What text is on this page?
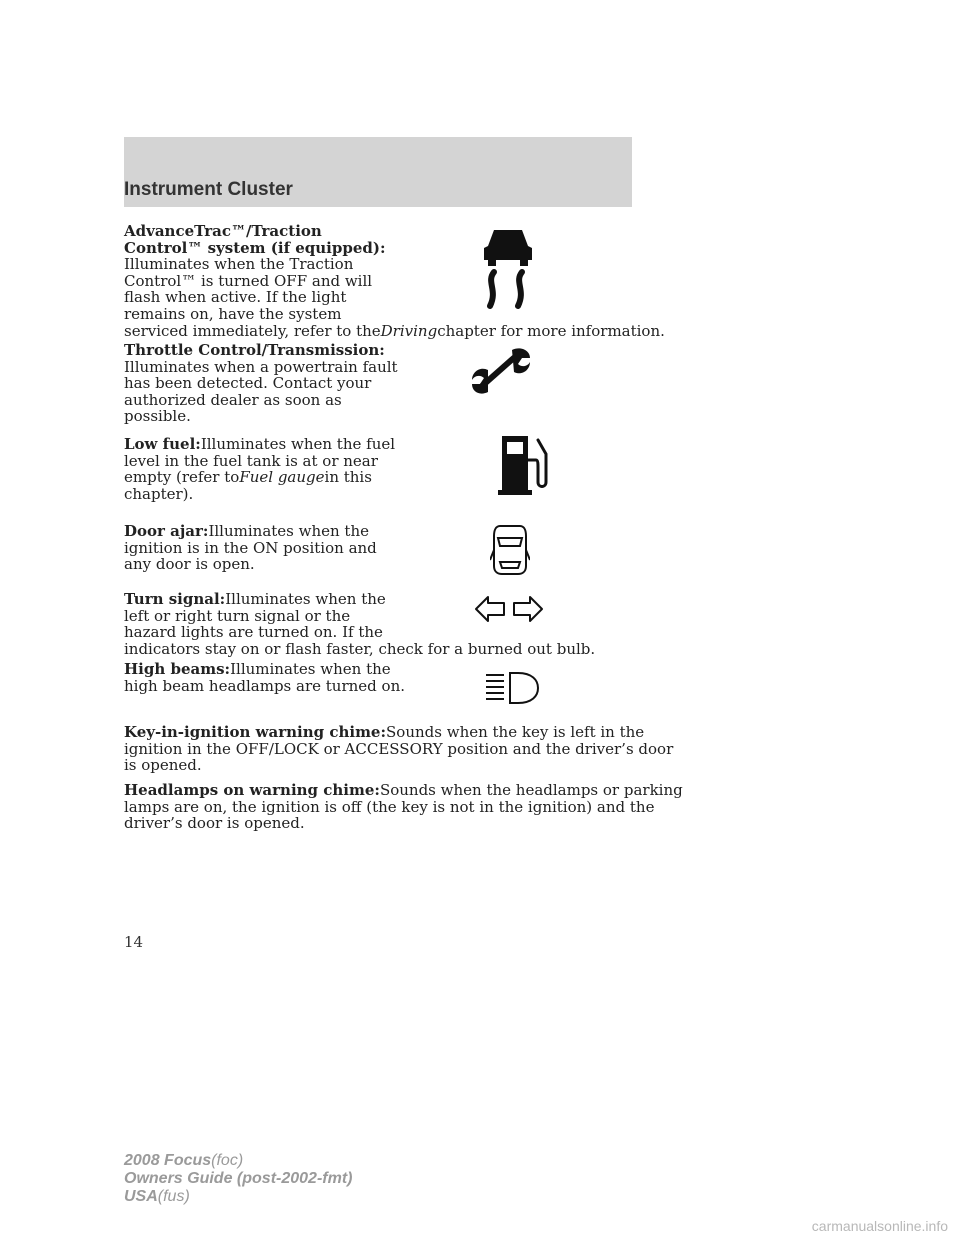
Instrument Cluster
AdvanceTrac™/Traction
Control™ system (if equipped):
Illuminates when the Traction
Control™ is turned OFF and will
flash when active. If the light
remains on, have the system
serviced immediately, refer to theDrivingchapter for more information.
Throttle Control/Transmission:
Illuminates when a powertrain fault
has been detected. Contact your
authorized dealer as soon as
possible.
Low fuel:Illuminates when the fuel
level in the fuel tank is at or near
empty (refer toFuel gaugein this
chapter).
Door ajar:Illuminates when the
ignition is in the ON position and
any door is open.
Turn signal:Illuminates when the
left or right turn signal or the
hazard lights are turned on. If the
indicators stay on or flash faster, check for a burned out bulb.
High beams:Illuminates when the
high beam headlamps are turned on.
Key-in-ignition warning chime:Sounds when the key is left in the
ignition in the OFF/LOCK or ACCESSORY position and the driver’s door
is opened.
Headlamps on warning chime:Sounds when the headlamps or parking
lamps are on, the ignition is off (the key is not in the ignition) and the
driver’s door is opened.
14
2008 Focus(foc)
Owners Guide (post-2002-fmt)
USA(fus)
carmanualsonline.info
